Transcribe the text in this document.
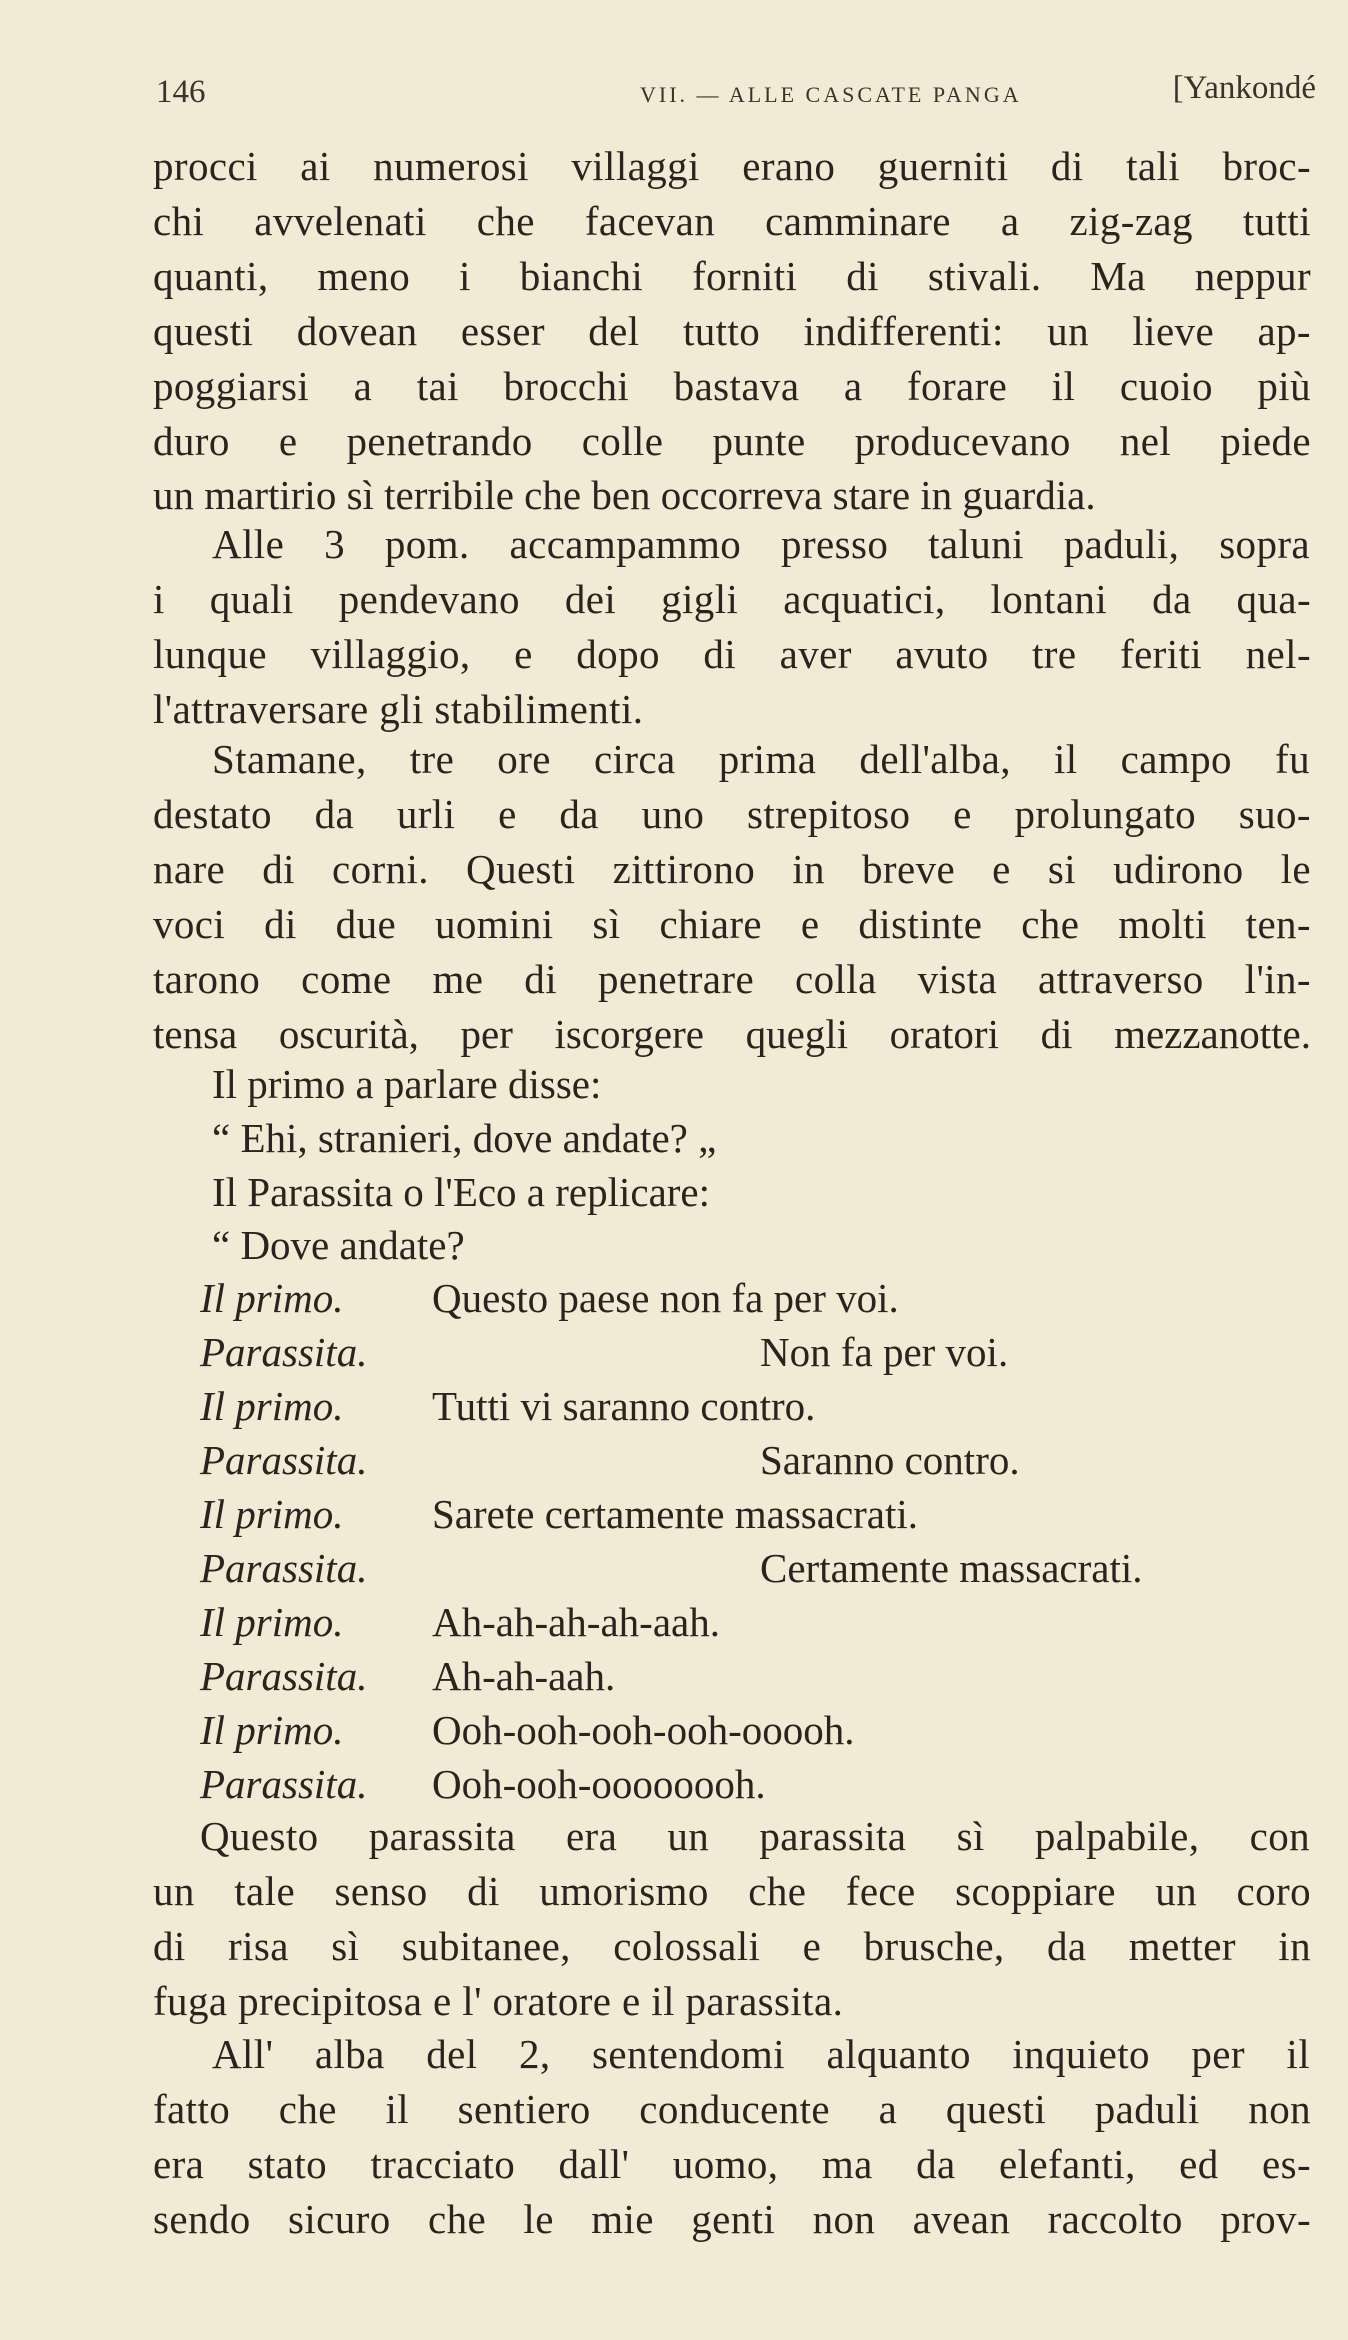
146	VII. — ALLE CASCATE PANGA	[Yankondé
procci ai numerosi villaggi erano guerniti di tali broc-
chi avvelenati che facevan camminare a zig-zag tutti
quanti, meno i bianchi forniti di stivali. Ma neppur
questi dovean esser del tutto indifferenti: un lieve ap-
poggiarsi a tai brocchi bastava a forare il cuoio più
duro e penetrando colle punte producevano nel piede
un martirio sì terribile che ben occorreva stare in guardia.
Alle 3 pom. accampammo presso taluni paduli, sopra
i quali pendevano dei gigli acquatici, lontani da qua-
lunque villaggio, e dopo di aver avuto tre feriti nel-
l'attraversare gli stabilimenti.
Stamane, tre ore circa prima dell'alba, il campo fu
destato da urli e da uno strepitoso e prolungato suo-
nare di corni. Questi zittirono in breve e si udirono le
voci di due uomini sì chiare e distinte che molti ten-
tarono come me di penetrare colla vista attraverso l'in-
tensa oscurità, per iscorgere quegli oratori di mezzanotte.
Il primo a parlare disse:
“ Ehi, stranieri, dove andate? „
Il Parassita o l'Eco a replicare:
“ Dove andate?
Il primo. Questo paese non fa per voi.
Parassita.	Non fa per voi.
Il primo. Tutti vi saranno contro.
Parassita.	Saranno contro.
Il primo. Sarete certamente massacrati.
Parassita.	Certamente massacrati.
Il primo. Ah-ah-ah-ah-aah.
Parassita. Ah-ah-aah.
Il primo. Ooh-ooh-ooh-ooh-ooooh.
Parassita. Ooh-ooh-oooooooh.
Questo parassita era un parassita sì palpabile, con
un tale senso di umorismo che fece scoppiare un coro
di risa sì subitanee, colossali e brusche, da metter in
fuga precipitosa e l' oratore e il parassita.
All' alba del 2, sentendomi alquanto inquieto per il
fatto che il sentiero conducente a questi paduli non
era stato tracciato dall' uomo, ma da elefanti, ed es-
sendo sicuro che le mie genti non avean raccolto prov-
